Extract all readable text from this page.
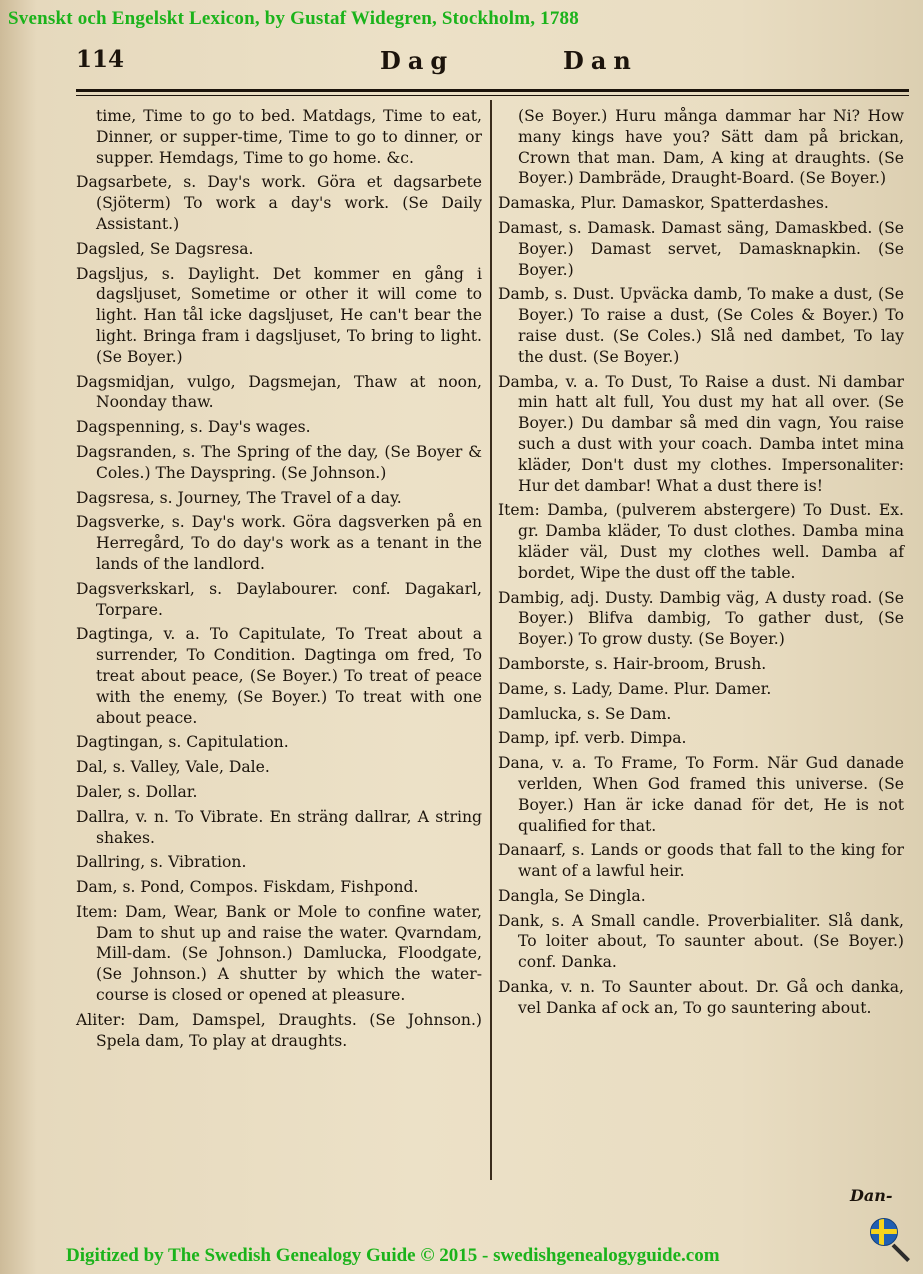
Svenskt och Engelskt Lexicon, by Gustaf Widegren, Stockholm, 1788
114	Dag	Dan

time, Time to go to bed. Matdags, Time to eat, Dinner, or supper-time, Time to go to dinner, or supper. Hemdags, Time to go home. &c.

Dagsarbete, s. Day's work. Göra et dagsarbete (Sjöterm) To work a day's work. (Se Daily Assistant.)

Dagsled, Se Dagsresa.

Dagsljus, s. Daylight. Det kommer en gång i dagsljuset, Sometime or other it will come to light. Han tål icke dagsljuset, He can't bear the light. Bringa fram i dagsljuset, To bring to light. (Se Boyer.)

Dagsmidjan, vulgo, Dagsmejan, Thaw at noon, Noonday thaw.

Dagspenning, s. Day's wages.

Dagsranden, s. The Spring of the day, (Se Boyer & Coles.) The Dayspring. (Se Johnson.)

Dagsresa, s. Journey, The Travel of a day.

Dagsverke, s. Day's work. Göra dagsverken på en Herregård, To do day's work as a tenant in the lands of the landlord.

Dagsverkskarl, s. Daylabourer. conf. Dagakarl, Torpare.

Dagtinga, v. a. To Capitulate, To Treat about a surrender, To Condition. Dagtinga om fred, To treat about peace, (Se Boyer.) To treat of peace with the enemy, (Se Boyer.) To treat with one about peace.

Dagtingan, s. Capitulation.

Dal, s. Valley, Vale, Dale.

Daler, s. Dollar.

Dallra, v. n. To Vibrate. En sträng dallrar, A string shakes.

Dallring, s. Vibration.

Dam, s. Pond, Compos. Fiskdam, Fishpond.

Item: Dam, Wear, Bank or Mole to confine water, Dam to shut up and raise the water. Qvarndam, Mill-dam. (Se Johnson.) Damlucka, Floodgate, (Se Johnson.) A shutter by which the water-course is closed or opened at pleasure.

Aliter: Dam, Damspel, Draughts. (Se Johnson.) Spela dam, To play at draughts.

(Se Boyer.) Huru många dammar har Ni? How many kings have you? Sätt dam på brickan, Crown that man. Dam, A king at draughts. (Se Boyer.) Dambräde, Draught-Board. (Se Boyer.)

Damaska, Plur. Damaskor, Spatterdashes.

Damast, s. Damask. Damast säng, Damaskbed. (Se Boyer.) Damast servet, Damasknapkin. (Se Boyer.)

Damb, s. Dust. Upväcka damb, To make a dust, (Se Boyer.) To raise a dust, (Se Coles & Boyer.) To raise dust. (Se Coles.) Slå ned dambet, To lay the dust. (Se Boyer.)

Damba, v. a. To Dust, To Raise a dust. Ni dambar min hatt alt full, You dust my hat all over. (Se Boyer.) Du dambar så med din vagn, You raise such a dust with your coach. Damba intet mina kläder, Don't dust my clothes. Impersonaliter: Hur det dambar! What a dust there is!

Item: Damba, (pulverem abstergere) To Dust. Ex. gr. Damba kläder, To dust clothes. Damba mina kläder väl, Dust my clothes well. Damba af bordet, Wipe the dust off the table.

Dambig, adj. Dusty. Dambig väg, A dusty road. (Se Boyer.) Blifva dambig, To gather dust, (Se Boyer.) To grow dusty. (Se Boyer.)

Damborste, s. Hair-broom, Brush.

Dame, s. Lady, Dame. Plur. Damer.

Damlucka, s. Se Dam.

Damp, ipf. verb. Dimpa.

Dana, v. a. To Frame, To Form. När Gud danade verlden, When God framed this universe. (Se Boyer.) Han är icke danad för det, He is not qualified for that.

Danaarf, s. Lands or goods that fall to the king for want of a lawful heir.

Dangla, Se Dingla.

Dank, s. A Small candle. Proverbialiter. Slå dank, To loiter about, To saunter about. (Se Boyer.) conf. Danka.

Danka, v. n. To Saunter about. Dr. Gå och danka, vel Danka af ock an, To go sauntering about.

Dan-
Digitized by The Swedish Genealogy Guide © 2015 - swedishgenealogyguide.com
